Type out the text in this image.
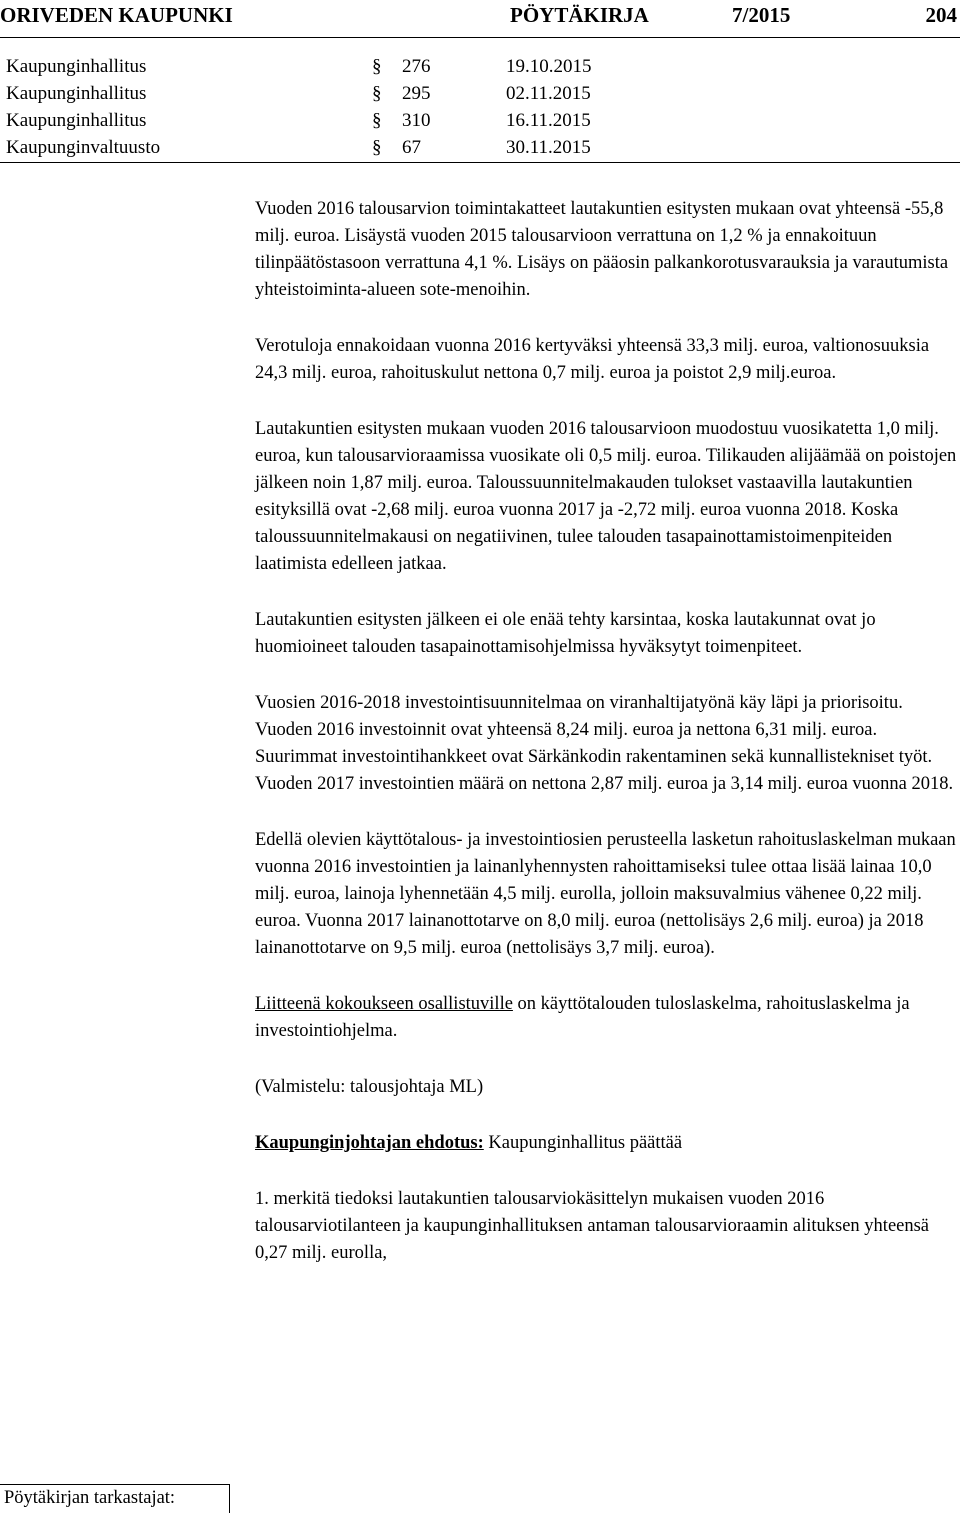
ORIVEDEN KAUPUNKI	PÖYTÄKIRJA	7/2015	204
Kaupunginhallitus	§ 276	19.10.2015
Kaupunginhallitus	§ 295	02.11.2015
Kaupunginhallitus	§ 310	16.11.2015
Kaupunginvaltuusto	§ 67	30.11.2015

Vuoden 2016 talousarvion toimintakatteet lautakuntien esitysten mukaan ovat yhteensä -55,8 milj. euroa. Lisäystä vuoden 2015 talousarvioon verrattuna on 1,2 % ja ennakoituun tilinpäätöstasoon verrattuna 4,1 %. Lisäys on pääosin palkankorotusvarauksia ja varautumista yhteistoiminta-alueen sote-menoihin.

Verotuloja ennakoidaan vuonna 2016 kertyväksi yhteensä 33,3 milj. euroa, valtionosuuksia 24,3 milj. euroa, rahoituskulut nettona 0,7 milj. euroa ja poistot 2,9 milj.euroa.

Lautakuntien esitysten mukaan vuoden 2016 talousarvioon muodostuu vuosikatetta 1,0 milj. euroa, kun talousarvioraamissa vuosikate oli 0,5 milj. euroa. Tilikauden alijäämää on poistojen jälkeen noin 1,87 milj. euroa. Taloussuunnitelmakauden tulokset vastaavilla lautakuntien esityksillä ovat -2,68 milj. euroa vuonna 2017 ja -2,72 milj. euroa vuonna 2018. Koska taloussuunnitelmakausi on negatiivinen, tulee talouden tasapainottamistoimenpiteiden laatimista edelleen jatkaa.

Lautakuntien esitysten jälkeen ei ole enää tehty karsintaa, koska lautakunnat ovat jo huomioineet talouden tasapainottamisohjelmissa hyväksytyt toimenpiteet.

Vuosien 2016-2018 investointisuunnitelmaa on viranhaltijatyönä käy läpi ja priorisoitu. Vuoden 2016 investoinnit ovat yhteensä 8,24 milj. euroa ja nettona 6,31 milj. euroa. Suurimmat investointihankkeet ovat Särkänkodin rakentaminen sekä kunnallistekniset työt. Vuoden 2017 investointien määrä on nettona 2,87 milj. euroa ja 3,14 milj. euroa vuonna 2018.

Edellä olevien käyttötalous- ja investointiosien perusteella lasketun rahoituslaskelman mukaan vuonna 2016 investointien ja lainanlyhennysten rahoittamiseksi tulee ottaa lisää lainaa 10,0 milj. euroa, lainoja lyhennetään 4,5 milj. eurolla, jolloin maksuvalmius vähenee 0,22 milj. euroa. Vuonna 2017 lainanottotarve on 8,0 milj. euroa (nettolisäys 2,6 milj. euroa) ja 2018 lainanottotarve on 9,5 milj. euroa (nettolisäys 3,7 milj. euroa).

Liitteenä kokoukseen osallistuville on käyttötalouden tuloslaskelma, rahoituslaskelma ja investointiohjelma.

(Valmistelu: talousjohtaja ML)

Kaupunginjohtajan ehdotus: Kaupunginhallitus päättää

1. merkitä tiedoksi lautakuntien talousarviokäsittelyn mukaisen vuoden 2016 talousarviotilanteen ja kaupunginhallituksen antaman talousarvioraamin alituksen yhteensä 0,27 milj. eurolla,

Pöytäkirjan tarkastajat:
